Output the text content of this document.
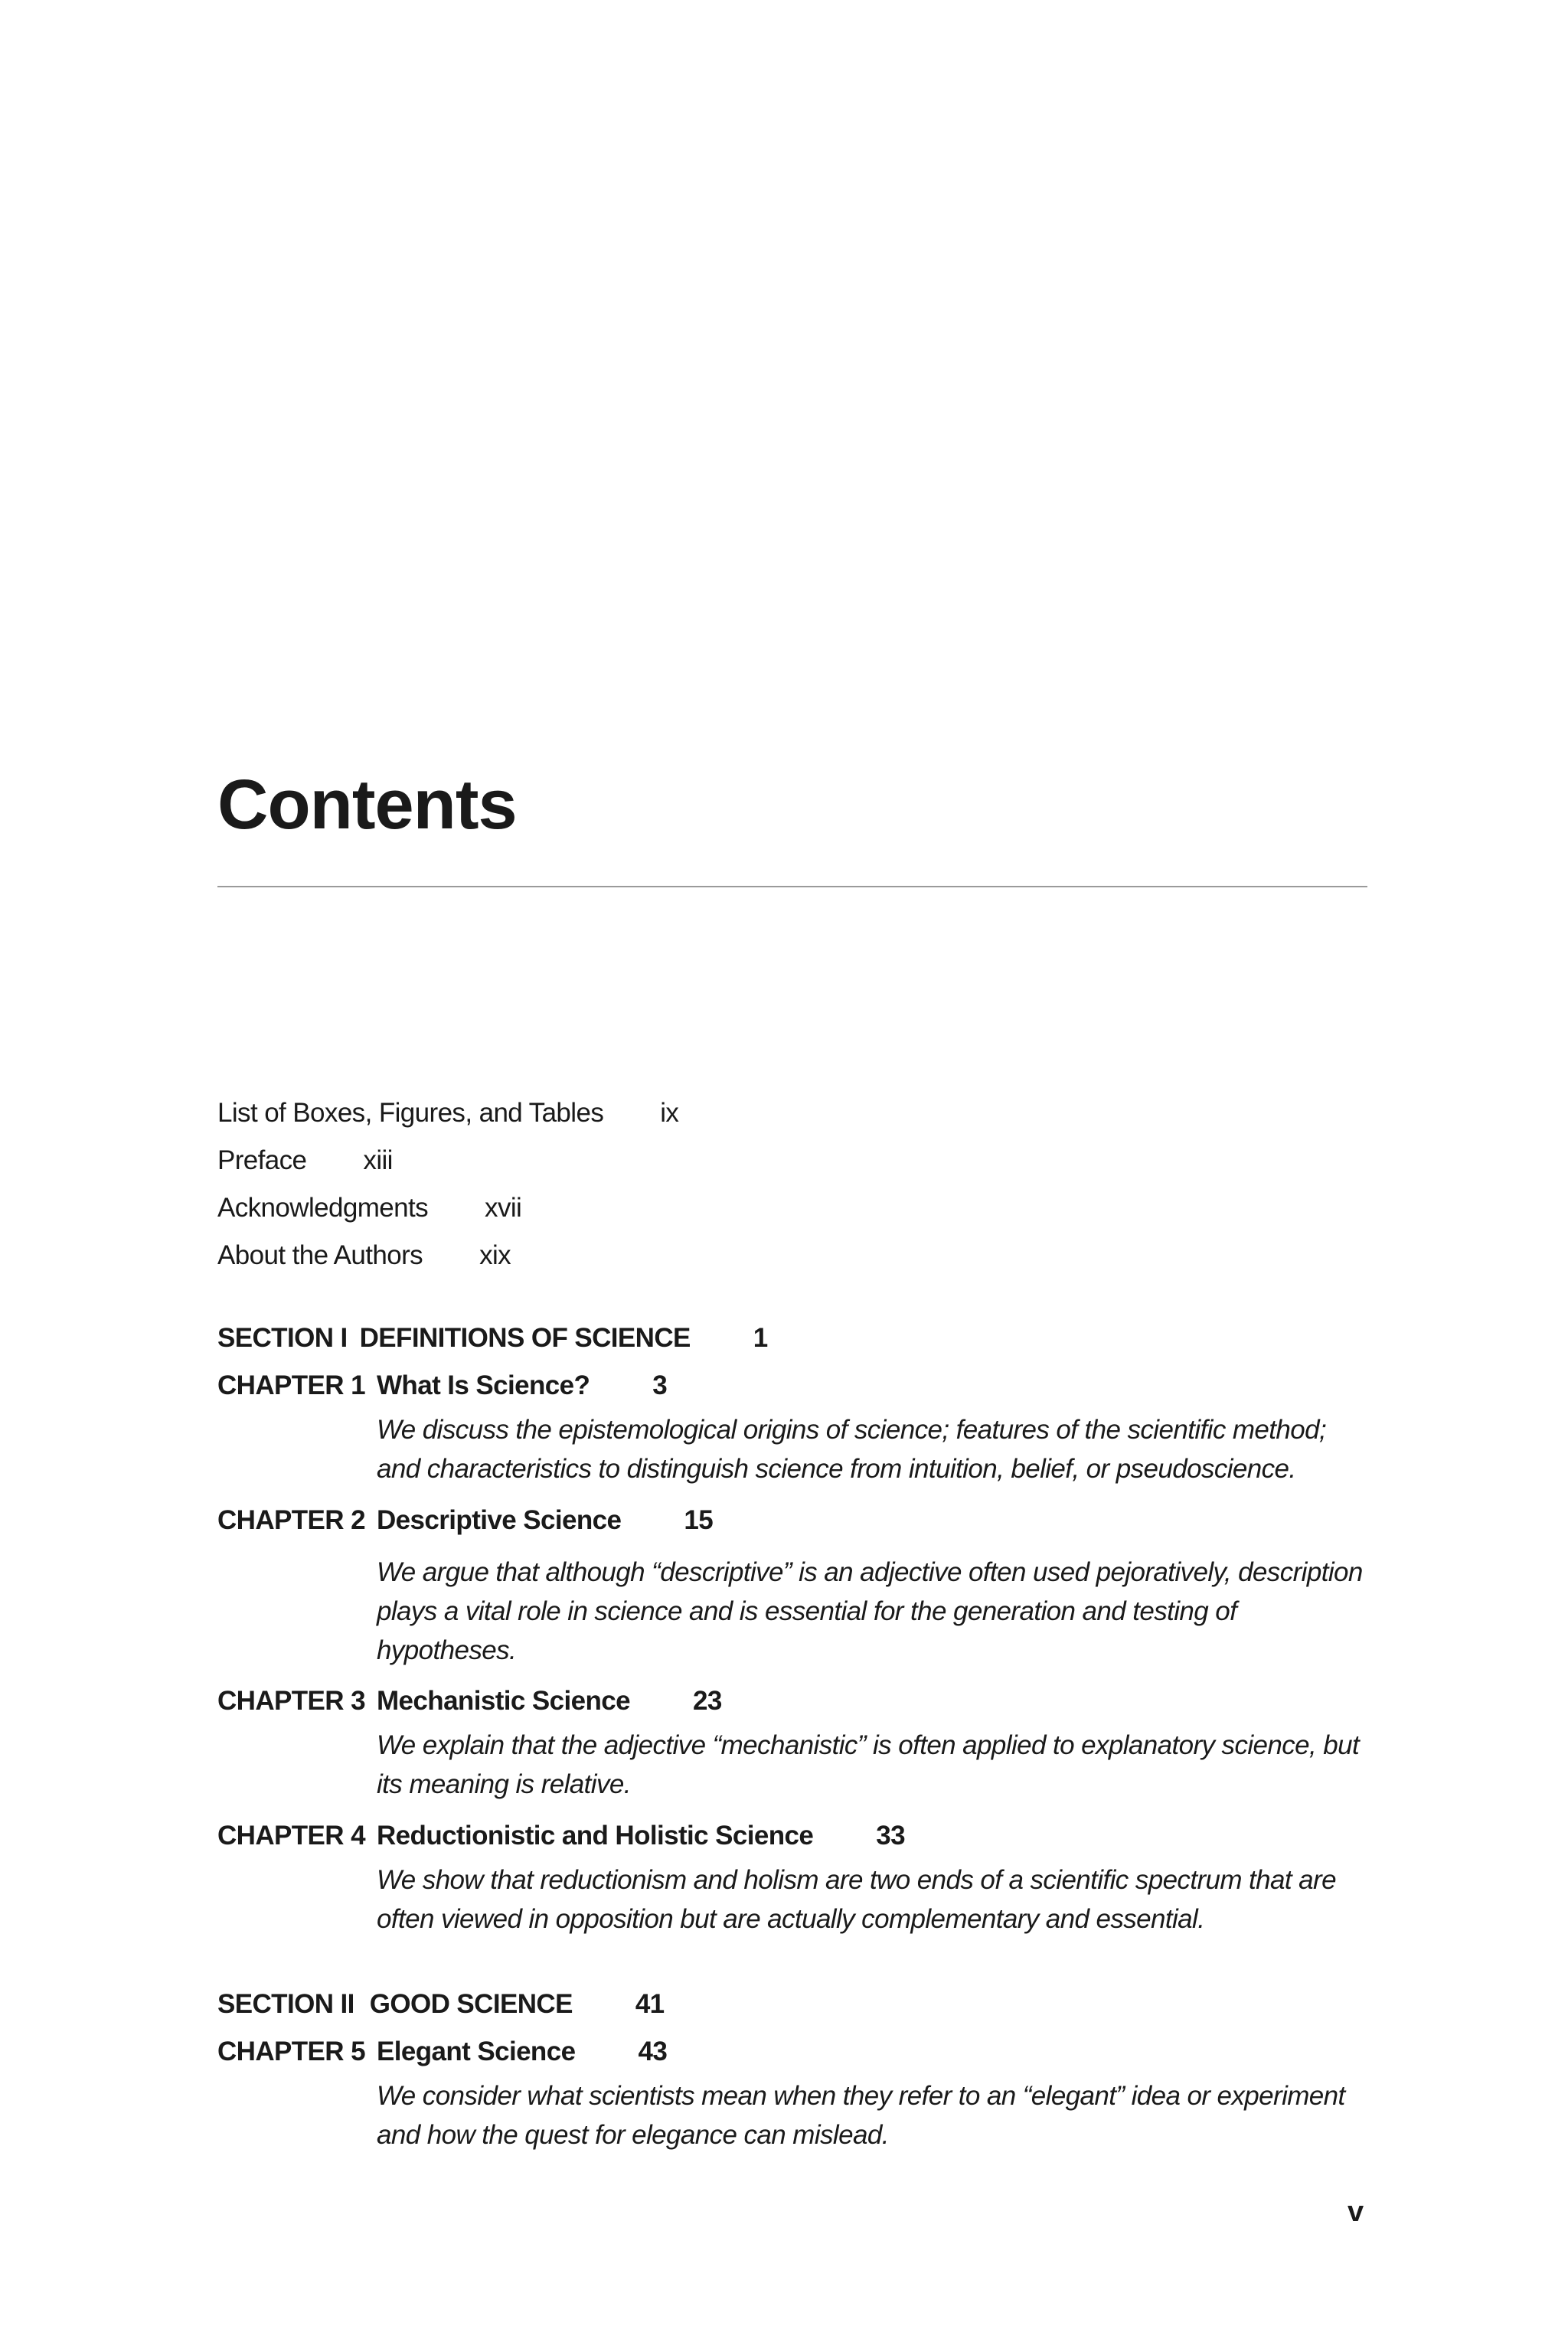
Contents
List of Boxes, Figures, and Tables ix
Preface xiii
Acknowledgments xvii
About the Authors xix
SECTION I DEFINITIONS OF SCIENCE 1
CHAPTER 1 What Is Science? 3

We discuss the epistemological origins of science; features of the scientific method; and characteristics to distinguish science from intuition, belief, or pseudoscience.

CHAPTER 2 Descriptive Science 15

We argue that although “descriptive” is an adjective often used pejoratively, description plays a vital role in science and is essential for the generation and testing of hypotheses.

CHAPTER 3 Mechanistic Science 23

We explain that the adjective “mechanistic” is often applied to explanatory science, but its meaning is relative.

CHAPTER 4 Reductionistic and Holistic Science 33

We show that reductionism and holism are two ends of a scientific spectrum that are often viewed in opposition but are actually complementary and essential.

SECTION II GOOD SCIENCE 41
CHAPTER 5 Elegant Science 43

We consider what scientists mean when they refer to an “elegant” idea or experiment and how the quest for elegance can mislead.

v
